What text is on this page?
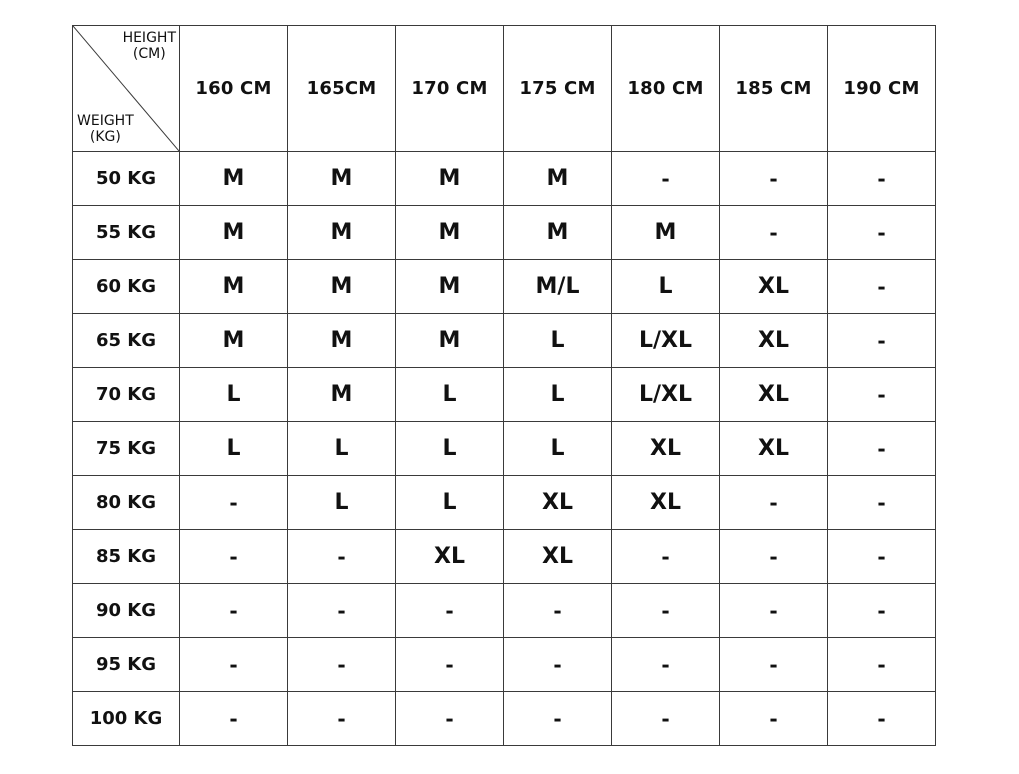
HEIGHT
(CM)
WEIGHT
(KG)	160 CM	165CM	170 CM	175 CM	180 CM	185 CM	190 CM
50 KG	M	M	M	M	-	-	-
55 KG	M	M	M	M	M	-	-
60 KG	M	M	M	M/L	L	XL	-
65 KG	M	M	M	L	L/XL	XL	-
70 KG	L	M	L	L	L/XL	XL	-
75 KG	L	L	L	L	XL	XL	-
80 KG	-	L	L	XL	XL	-	-
85 KG	-	-	XL	XL	-	-	-
90 KG	-	-	-	-	-	-	-
95 KG	-	-	-	-	-	-	-
100 KG	-	-	-	-	-	-	-
